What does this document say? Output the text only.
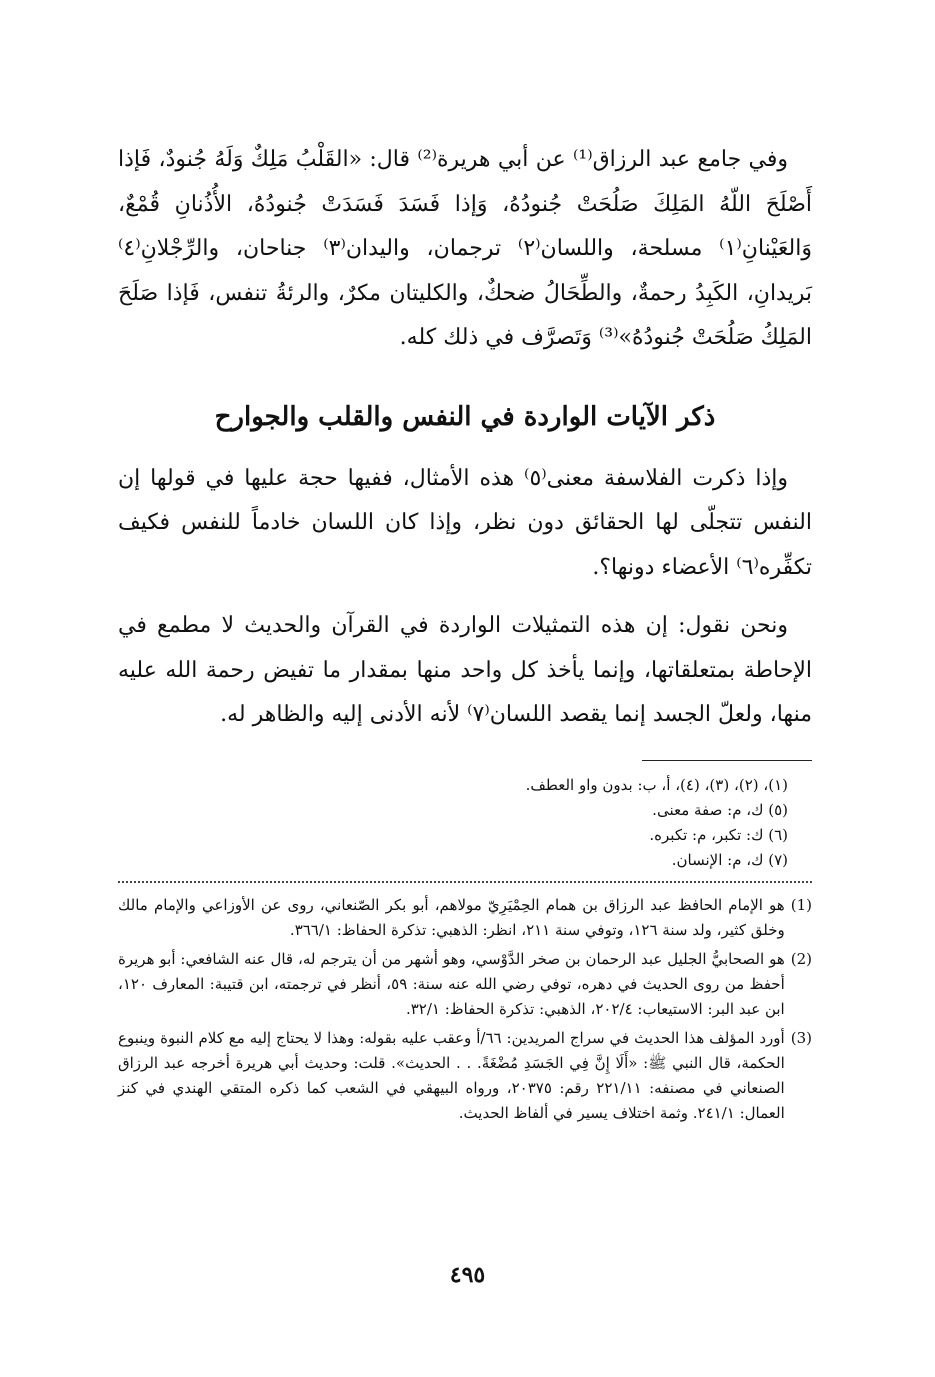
وفي جامع عبد الرزاق⁽¹⁾ عن أبي هريرة⁽²⁾ قال: «القَلْبُ مَلِكٌ وَلَهُ جُنودٌ، فَإذا أَصْلَحَ اللّهُ المَلِكَ صَلُحَتْ جُنودُهُ، وَإذا فَسَدَ فَسَدَتْ جُنودُهُ، الأُذُنانِ قُمْعٌ، وَالعَيْنانِ⁽١⁾ مسلحة، واللسان⁽٢⁾ ترجمان، واليدان⁽٣⁾ جناحان، والرِّجْلانِ⁽٤⁾ بَريدانِ، الكَبِدُ رحمةٌ، والطِّحَالُ ضحكٌ، والكليتان مكرٌ، والرئةُ تنفس، فَإذا صَلَحَ المَلِكُ صَلُحَتْ جُنودُهُ»⁽³⁾ وَتَصرَّف في ذلك كله.

ذكر الآيات الواردة في النفس والقلب والجوارح

وإذا ذكرت الفلاسفة معنى⁽٥⁾ هذه الأمثال، ففيها حجة عليها في قولها إن النفس تتجلّى لها الحقائق دون نظر، وإذا كان اللسان خادماً للنفس فكيف تكفِّره⁽٦⁾ الأعضاء دونها؟.

ونحن نقول: إن هذه التمثيلات الواردة في القرآن والحديث لا مطمع في الإحاطة بمتعلقاتها، وإنما يأخذ كل واحد منها بمقدار ما تفيض رحمة الله عليه منها، ولعلّ الجسد إنما يقصد اللسان⁽٧⁾ لأنه الأدنى إليه والظاهر له.

(١)، (٢)، (٣)، (٤)، أ، ب: بدون واو العطف.

(٥) ك، م: صفة معنى.

(٦) ك: تكبر، م: تكبره.

(٧) ك، م: الإنسان.

(1)
هو الإمام الحافظ عبد الرزاق بن همام الحِمْيَرِيّ مولاهم، أبو بكر الصّنعاني، روى عن الأوزاعي والإمام مالك وخلق كثير، ولد سنة ١٢٦، وتوفي سنة ٢١١، انظر: الذهبي: تذكرة الحفاظ: ٣٦٦/١.
(2)
هو الصحابيُّ الجليل عبد الرحمان بن صخر الدَّوْسي، وهو أشهر من أن يترجم له، قال عنه الشافعي: أبو هريرة أحفظ من روى الحديث في دهره، توفي رضي الله عنه سنة: ٥٩، أنظر في ترجمته، ابن قتيبة: المعارف ١٢٠، ابن عبد البر: الاستيعاب: ٢٠٢/٤، الذهبي: تذكرة الحفاظ: ٣٢/١.
(3)
أورد المؤلف هذا الحديث في سراج المريدين: ٦٦/أ وعقب عليه بقوله: وهذا لا يحتاج إليه مع كلام النبوة وينبوع الحكمة، قال النبي ﷺ: «أَلَا إِنَّ فِي الجَسَدِ مُضْغَةً. . . الحديث». قلت: وحديث أبي هريرة أخرجه عبد الرزاق الصنعاني في مصنفه: ٢٢١/١١ رقم: ٢٠٣٧٥، ورواه البيهقي في الشعب كما ذكره المتقي الهندي في كنز العمال: ٢٤١/١. وثمة اختلاف يسير في ألفاظ الحديث.
٤٩٥
